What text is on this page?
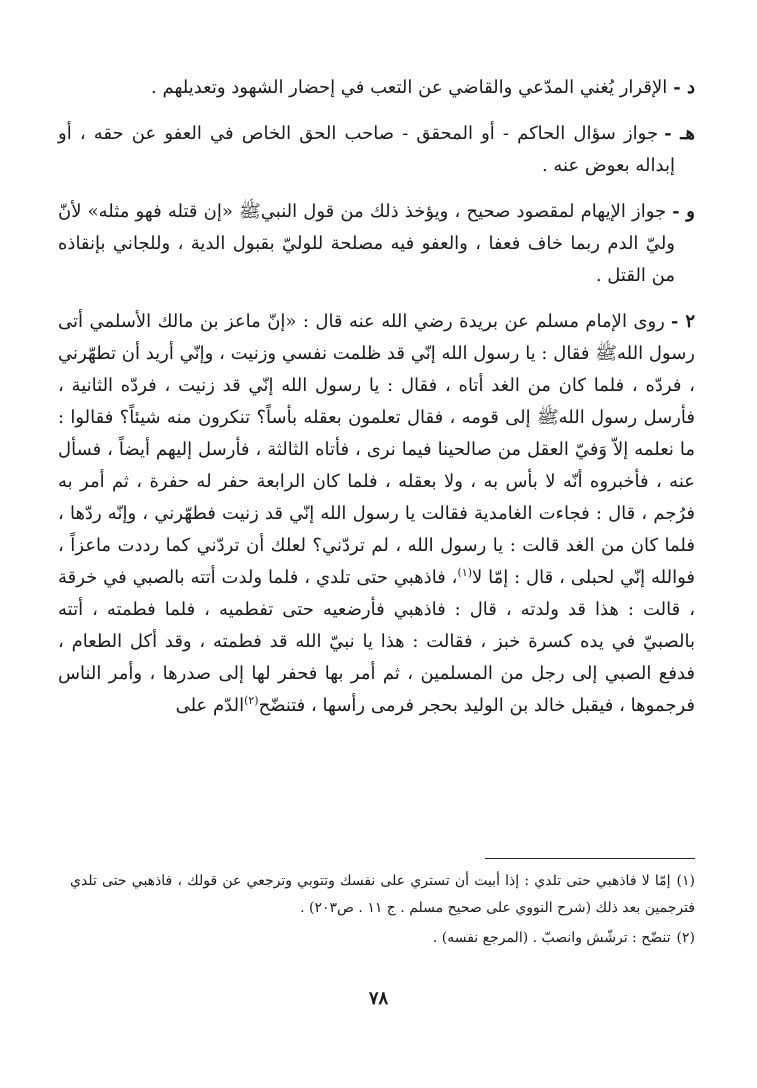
د -الإقرار يُغني المدّعي والقاضي عن التعب في إحضار الشهود وتعديلهم .

هـ -جواز سؤال الحاكم - أو المحقق - صاحب الحق الخاص في العفو عن حقه ، أو إبداله بعوض عنه .

و -جواز الإيهام لمقصود صحيح ، ويؤخذ ذلك من قول النبيﷺ «إن قتله فهو مثله» لأنّ وليّ الدم ربما خاف فعفا ، والعفو فيه مصلحة للوليّ بقبول الدية ، وللجاني بإنقاذه من القتل .

٢ -روى الإمام مسلم عن بريدة رضي الله عنه قال : «إنّ ماعز بن مالك الأسلمي أتى رسول اللهﷺ فقال : يا رسول الله إنّي قد ظلمت نفسي وزنيت ، وإنّي أريد أن تطهّرني ، فردّه ، فلما كان من الغد أتاه ، فقال : يا رسول الله إنّي قد زنيت ، فردّه الثانية ، فأرسل رسول اللهﷺ إلى قومه ، فقال تعلمون بعقله بأساً؟ تنكرون منه شيئاً؟ فقالوا : ما نعلمه إلاّ وَفيّ العقل من صالحينا فيما نرى ، فأتاه الثالثة ، فأرسل إليهم أيضاً ، فسأل عنه ، فأخبروه أنّه لا بأس به ، ولا بعقله ، فلما كان الرابعة حفر له حفرة ، ثم أمر به فرُجم ، قال : فجاءت الغامدية فقالت يا رسول الله إنّي قد زنيت فطهّرني ، وإنّه ردّها ، فلما كان من الغد قالت : يا رسول الله ، لم تردّني؟ لعلك أن تردّني كما رددت ماعزاً ، فوالله إنّي لحبلى ، قال : إمّا لا$^{(١)}$، فاذهبي حتى تلدي ، فلما ولدت أتته بالصبي في خرقة ، قالت : هذا قد ولدته ، قال : فاذهبي فأرضعيه حتى تفطميه ، فلما فطمته ، أتته بالصبيّ في يده كسرة خبز ، فقالت : هذا يا نبيّ الله قد فطمته ، وقد أكل الطعام ، فدفع الصبي إلى رجل من المسلمين ، ثم أمر بها فحفر لها إلى صدرها ، وأمر الناس فرجموها ، فيقبل خالد بن الوليد بحجر فرمى رأسها ، فتنضّح$^{(٢)}$الدّم على

(١)إمّا لا فاذهبي حتى تلدي : إذا أبيت أن تستري على نفسك وتتوبي وترجعي عن قولك ، فاذهبي حتى تلدي فترجمين بعد ذلك (شرح النووي على صحيح مسلم . ج ١١ . ص٢٠٣) .

(٢)تنضّح : ترشّش وانصبّ . (المرجع نفسه) .

٧٨
